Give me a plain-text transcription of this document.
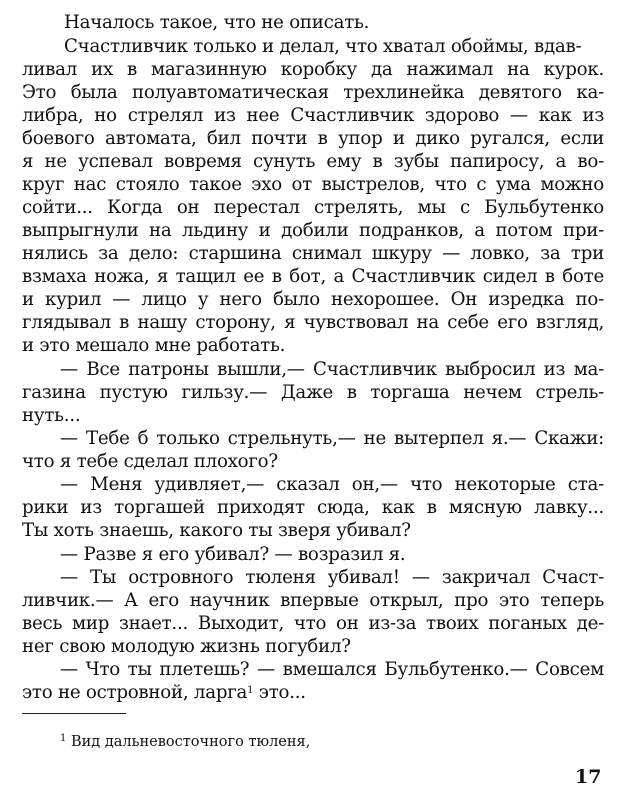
Началось такое, что не описать.
Счастливчик только и делал, что хватал обоймы, вдав-
ливал их в магазинную коробку да нажимал на курок.
Это была полуавтоматическая трехлинейка девятого ка-
либра, но стрелял из нее Счастливчик здорово — как из
боевого автомата, бил почти в упор и дико ругался, если
я не успевал вовремя сунуть ему в зубы папиросу, а во-
круг нас стояло такое эхо от выстрелов, что с ума можно
сойти... Когда он перестал стрелять, мы с Бульбутенко
выпрыгнули на льдину и добили подранков, а потом при-
нялись за дело: старшина снимал шкуру — ловко, за три
взмаха ножа, я тащил ее в бот, а Счастливчик сидел в боте
и курил — лицо у него было нехорошее. Он изредка по-
глядывал в нашу сторону, я чувствовал на себе его взгляд,
и это мешало мне работать.
— Все патроны вышли,— Счастливчик выбросил из ма-
газина пустую гильзу.— Даже в торгаша нечем стрель-
нуть...
— Тебе б только стрельнуть,— не вытерпел я.— Скажи:
что я тебе сделал плохого?
— Меня удивляет,— сказал он,— что некоторые ста-
рики из торгашей приходят сюда, как в мясную лавку...
Ты хоть знаешь, какого ты зверя убивал?
— Разве я его убивал? — возразил я.
— Ты островного тюленя убивал! — закричал Счаст-
ливчик.— А его научник впервые открыл, про это теперь
весь мир знает... Выходит, что он из-за твоих поганых де-
нег свою молодую жизнь погубил?
— Что ты плетешь? — вмешался Бульбутенко.— Совсем
это не островной, ларга$^1$ это...
$^1$ Вид дальневосточного тюленя,
17
